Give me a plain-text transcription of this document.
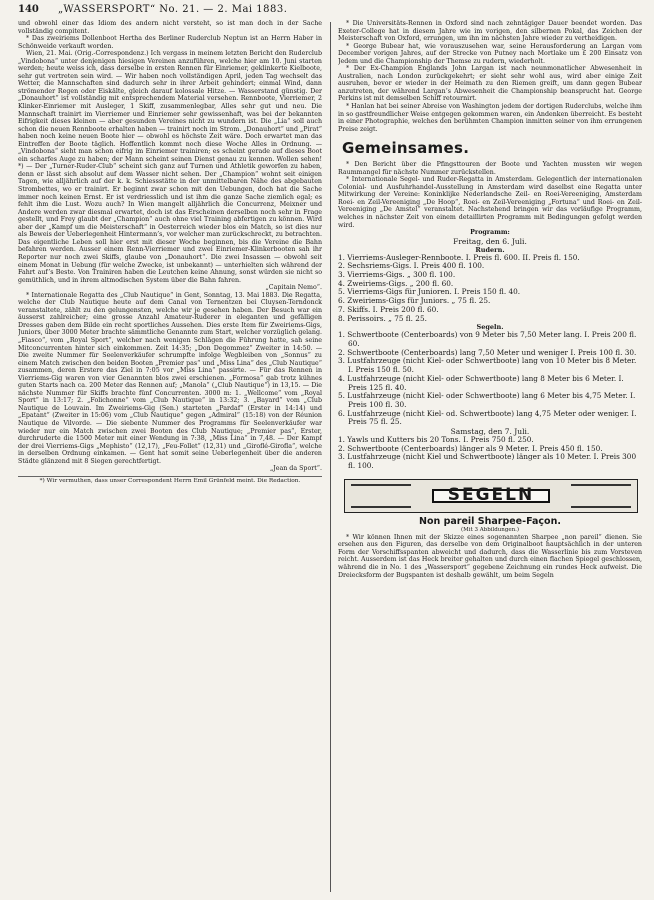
140	„WASSERSPORT“ No. 21. — 2. Mai 1883.

und obwohl einer das Idiom des andern nicht versteht, so ist man doch in der Sache vollständig compitent.

* Das zweiriems Dollenboot Hertha des Berliner Ruderclub Neptun ist an Herrn Haber in Schönweide verkauft worden.

Wien, 21. Mai. (Orig.-Correspondenz.) Ich vergass in meinem letzten Bericht den Ruderclub „Vindobona“ unter denjenigen hiesigen Vereinen anzuführen, welche hier am 10. Juni starten werden; heute weiss ich, dass derselbe in ersten Rennen für Einriemer, geklinkerte Kielboote, sehr gut vertreten sein wird. — Wir haben noch vollständigen April, jeden Tag wechselt das Wetter, die Mannschaften sind dadurch sehr in ihrer Arbeit gehindert; einmal Wind, dann strömender Regen oder Eiskälte, gleich darauf kolossale Hitze. — Wasserstand günstig. Der „Donauhort“ ist vollständig mit entsprechendem Material versehen. Rennboote, Vierriemer, 2 Klinker-Einriemer mit Ausleger, 1 Skiff, zusammenlegbar, Alles sehr gut und neu. Die Mannschaft trainirt im Vierriemer und Einriemer sehr gewissenhaft, was bei der bekannten Eifrigkeit dieses kleinen — aber gesunden Vereines nicht zu wundern ist. Die „Lia“ soll auch schon die neuen Rennboote erhalten haben — trainirt noch im Strom. „Donauhort“ und „Pirat“ haben noch keine neuen Boote hier — obwohl es höchste Zeit wäre. Doch erwartet man das Eintreffen der Boote täglich. Hoffentlich kommt noch diese Woche Alles in Ordnung. — „Vindobona“ sieht man schon eifrig im Einriemer trainiren; es scheint gerade auf dieses Boot ein scharfes Auge zu haben; der Mann scheint seinen Dienst genau zu kennen. Wollen sehen! *) — Der „Turner-Ruder-Club“ scheint sich ganz auf Turnen und Athletik geworfen zu haben, denn er lässt sich absolut auf dem Wasser nicht sehen. Der „Champion“ wohnt seit einigen Tagen, wie alljährlich auf der k. k. Schiessstätte in der unmittelbaren Nähe des abgebauten Strombettes, wo er trainirt. Er beginnt zwar schon mit den Uebungen, doch hat die Sache immer noch keinen Ernst. Er ist verdriesslich und ist ihm die ganze Sache ziemlich egal; es fehlt ihm die Lust. Wozu auch? In Wien mangelt alljährlich die Concurrenz, Meixner und Andere werden zwar diesmal erwartet, doch ist das Erscheinen derselben noch sehr in Frage gestellt, und Frey glaubt der „Champion“ auch ohne viel Training abfertigen zu können. Wird aber der „Kampf um die Meisterschaft“ in Oesterreich wieder blos ein Match, so ist dies nur als Beweis der Ueberlegenheit Hintermann’s, vor welcher man zurückschreckt, zu betrachten. Das eigentliche Leben soll hier erst mit dieser Woche beginnen, bis die Vereine die Bahn befahren werden. Ausser einem Renn-Vierriemer und zwei Einriemer-Klinkerbooten sah ihr Reporter nur noch zwei Skiffs, glaube von „Donauhort“. Die zwei Insassen — obwohl seit einem Monat in Uebung (für welche Zwecke, ist unbekannt) — unterhielten sich während der Fahrt auf’s Beste. Von Trainiren haben die Leutchen keine Ahnung, sonst würden sie nicht so gemüthlich, und in ihrem altmodischen System über die Bahn fahren.

„Capitain Nemo“.

* Internationale Regatta des „Club Nautique“ in Gent, Sonntag, 13. Mai 1883. Die Regatta, welche der Club Nautique heute auf dem Canal von Ternentzen bei Cluysen-Terndonck veranstaltete, zählt zu den gelungensten, welche wir je gesehen haben. Der Besuch war ein äusserst zahlreicher; eine grosse Anzahl Amateur-Ruderer in eleganten und gefälligen Dresses gaben dem Bilde ein recht sportliches Aussehen. Dies erste Item für Zweiriems-Gigs, Juniors, über 3000 Meter brachte sämmtliche Genannte zum Start, welcher vorzüglich gelang. „Fiasco“, vom „Royal Sport“, welcher nach wenigen Schlägen die Führung hatte, sah seine Mitconcurrenten hinter sich einkommen. Zeit 14:35; „Don Degommez“ Zweiter in 14:50. — Die zweite Nummer für Seelenverkäufer schrumpfte infolge Wegbleiben von „Sonnus“ zu einem Match zwischen den beiden Booten „Premier pas“ und „Miss Lina“ des „Club Nautique“ zusammen, deren Erstere das Ziel in 7:05 vor „Miss Lina“ passirte. — Für das Rennen in Vierriems-Gig waren von vier Genannten blos zwei erschienen. „Formosa“ gab trotz kühnes guten Starts nach ca. 200 Meter das Rennen auf; „Manola“ („Club Nautique“) in 13,15. — Die nächste Nummer für Skiffs brachte fünf Concurrenten. 3000 m: 1. „Wellcome“ vom „Royal Sport“ in 13:17; 2. „Folichonne“ vom „Club Nautique“ in 13:32; 3. „Bayard“ vom „Club Nautique de Louvain. Im Zweiriems-Gig (Sen.) starteten „Pardaf“ (Erster in 14:14) und „Epatant“ (Zweiter in 15:06) vom „Club Nautique“ gegen „Admiral“ (15:18) von der Réunion Nautique de Vilvorde. — Die siebente Nummer des Programms für Seelenverkäufer war wieder nur ein Match zwischen zwei Booten des Club Nautique; „Premier pas“, Erster, durchruderte die 1500 Meter mit einer Wendung in 7:38, „Miss Lina“ in 7,48. — Der Kampf der drei Vierriems-Gigs „Mephisto“ (12,17), „Feu-Follet“ (12,31) und „Giroflé-Girofla“, welche in derselben Ordnung einkamen. — Gent hat somit seine Ueberlegenheit über die anderen Städte glänzend mit 8 Siegen gerechtfertigt.

„Jean da Sport“.

*) Wir vermuthen, dass unser Correspondent Herrn Emil Grünfeld meint. Die Redaction.

* Die Universitäts-Rennen in Oxford sind nach zehntägiger Dauer beendet worden. Das Exeter-College hat in diesem Jahre wie im vorigen, den silbernen Pokal, das Zeichen der Meisterschaft von Oxford, errungen, um ihn im nächsten Jahre wieder zu vertheidigen.

* George Bubear hat, wie vorauszusehen war, seine Herausforderung an Largan vom December vorigen Jahres, auf der Strecke von Putney nach Mortlake um £ 200 Einsatz von Jedem und die Championship der Themse zu rudern, wiederholt.

* Der Ex-Champion Englands John Largan ist nach neunmonatlicher Abwesenheit in Australien, nach London zurückgekehrt; er sieht sehr wohl aus, wird aber einige Zeit ausruhen, bevor er wieder in der Heimath zu den Riemen greift, um dann gegen Bubear anzutreten, der während Largan’s Abwesenheit die Championship beansprucht hat. George Perkins ist mit demselben Schiff retournirt.

* Hanlan hat bei seiner Abreise von Washington jedem der dortigen Ruderclubs, welche ihm in so gastfreundlicher Weise entgegen gekommen waren, ein Andenken überreicht. Es besteht in einer Photographie, welches den berühmten Champion inmitten seiner von ihm errungenen Preise zeigt.

Gemeinsames.

* Den Bericht über die Pfingsttouren der Boote und Yachten mussten wir wegen Raummangel für nächste Nummer zurückstellen.

* Internationale Segel- und Ruder-Regatta in Amsterdam. Gelegentlich der internationalen Colonial- und Ausfuhrhandel-Ausstellung in Amsterdam wird daselbst eine Regatta unter Mitwirkung der Vereine: Koninklijke Nederlandsche Zeil- en Roei-Vereeniging, Amsterdam Roei- en Zeil-Vereeniging „De Hoop“, Roei- en Zeil-Vereeniging „Fortuna“ und Roei- en Zeil-Vereeniging „De Amstel“ veranstaltet. Nachstehend bringen wir das vorläufige Programm, welches in nächster Zeit von einem detaillirten Programm mit Bedingungen gefolgt werden wird.

Programm:

Freitag, den 6. Juli.

Rudern.
1. Vierriems-Ausleger-Rennboote. I. Preis fl. 600. II. Preis fl. 150.
2. Sechsriems-Gigs. I. Preis 400 fl. 100.
3. Vierriems-Gigs. „ 300 fl. 100.
4. Zweiriems-Gigs. „ 200 fl. 60.
5. Vierriems-Gigs für Junioren. I. Preis 150 fl. 40.
6. Zweiriems-Gigs für Juniors. „ 75 fl. 25.
7. Skiffs. I. Preis 200 fl. 60.
8. Perissoirs. „ 75 fl. 25.
Segeln.
1. Schwertboote (Centerboards) von 9 Meter bis 7,50 Meter lang. I. Preis 200 fl. 60.
2. Schwertboote (Centerboards) lang 7,50 Meter und weniger I. Preis 100 fl. 30.
3. Lustfahrzeuge (nicht Kiel- oder Schwertboote) lang von 10 Meter bis 8 Meter. I. Preis 150 fl. 50.
4. Lustfahrzeuge (nicht Kiel- oder Schwertboote) lang 8 Meter bis 6 Meter. I. Preis 125 fl. 40.
5. Lustfahrzeuge (nicht Kiel- oder Schwertboote) lang 6 Meter bis 4,75 Meter. I. Preis 100 fl. 30.
6. Lustfahrzeuge (nicht Kiel- od. Schwertboote) lang 4,75 Meter oder weniger. I. Preis 75 fl. 25.

Samstag, den 7. Juli.

1. Yawls und Kutters bis 20 Tons. I. Preis 750 fl. 250.
2. Schwertboote (Centerboards) länger als 9 Meter. I. Preis 450 fl. 150.
3. Lustfahrzeuge (nicht Kiel und Schwertboote) länger als 10 Meter. I. Preis 300 fl. 100.
SEGELN
Non pareil Sharpee-Façon.
(Mit 3 Abbildungen.)

* Wir können Ihnen mit der Skizze eines sogenannten Sharpee „non pareil“ dienen. Sie ersehen aus den Figuren, das derselbe von dem Originalboot hauptsächlich in der unteren Form der Vorschiffsspanten abweicht und dadurch, dass die Wasserlinie bis zum Vorsteven reicht. Ausserdem ist das Heck breiter gehalten und durch einen flachen Spiegel geschlossen, während die in No. 1 des „Wassersport“ gegebene Zeichnung ein rundes Heck aufweist. Die Dreiecksform der Bugspanten ist deshalb gewählt, um beim Segeln
